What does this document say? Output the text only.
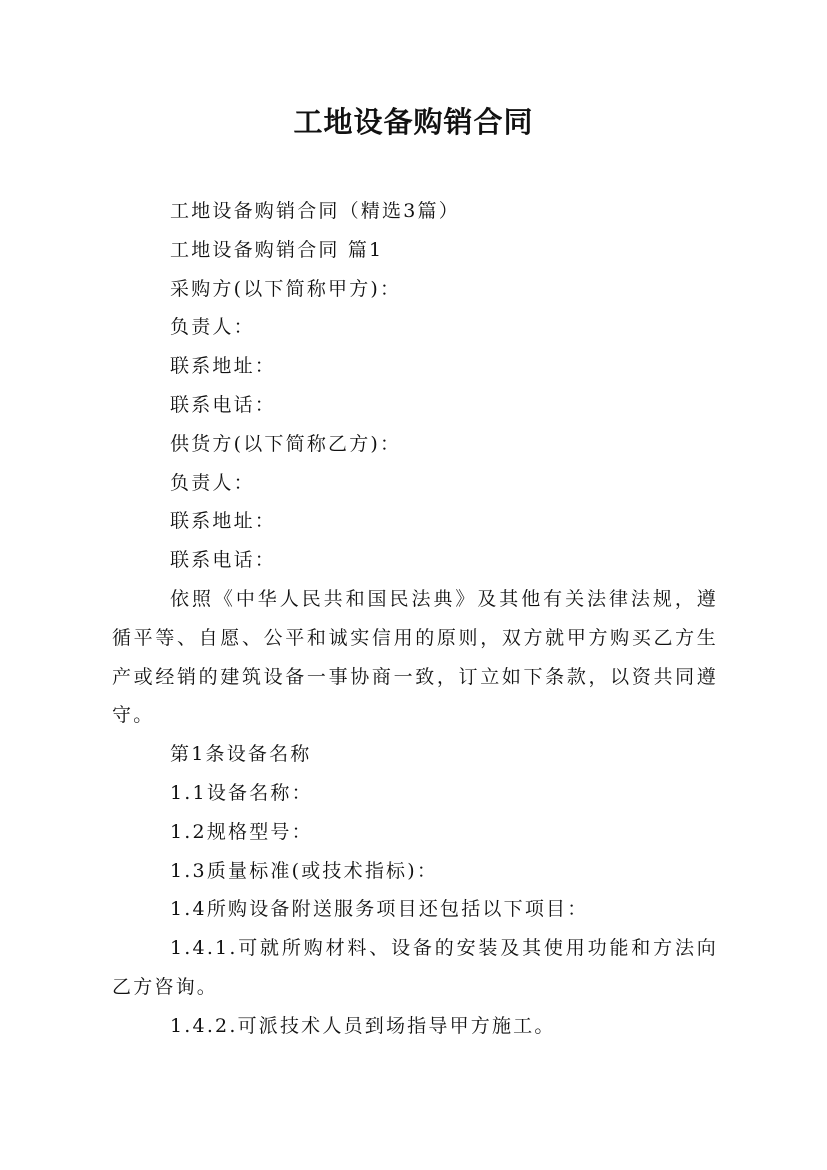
工地设备购销合同
工地设备购销合同（精选3篇）
工地设备购销合同 篇1
采购方(以下简称甲方)：
负责人：
联系地址：
联系电话：
供货方(以下简称乙方)：
负责人：
联系地址：
联系电话：

依照《中华人民共和国民法典》及其他有关法律法规，遵循平等、自愿、公平和诚实信用的原则，双方就甲方购买乙方生产或经销的建筑设备一事协商一致，订立如下条款，以资共同遵守。

第1条设备名称
1.1设备名称：
1.2规格型号：
1.3质量标准(或技术指标)：
1.4所购设备附送服务项目还包括以下项目：

1.4.1.可就所购材料、设备的安装及其使用功能和方法向乙方咨询。

1.4.2.可派技术人员到场指导甲方施工。
